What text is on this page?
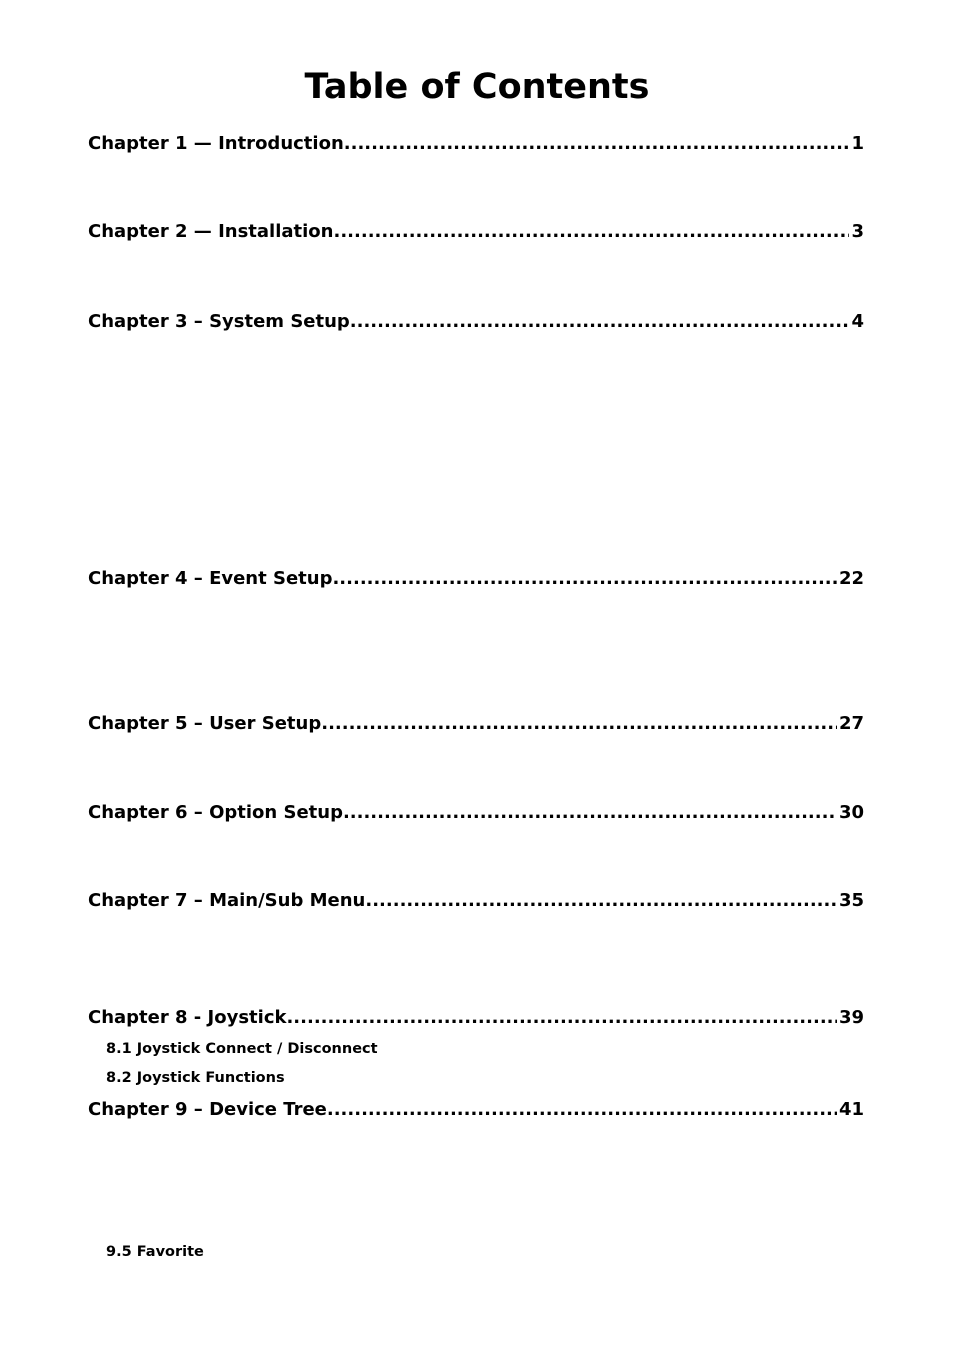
Table of Contents
Chapter 1 — Introduction .....	1
Chapter 2 — Installation .....	3
Chapter 3 – System Setup .....	4
Chapter 4 – Event Setup .....	22
Chapter 5 – User Setup .....	27
Chapter 6 – Option Setup .....	30
Chapter 7 – Main/Sub Menu .....	35
Chapter 8 - Joystick .....	39
8.1 Joystick Connect / Disconnect
8.2 Joystick Functions
Chapter 9 – Device Tree .....	41
9.5 Favorite
